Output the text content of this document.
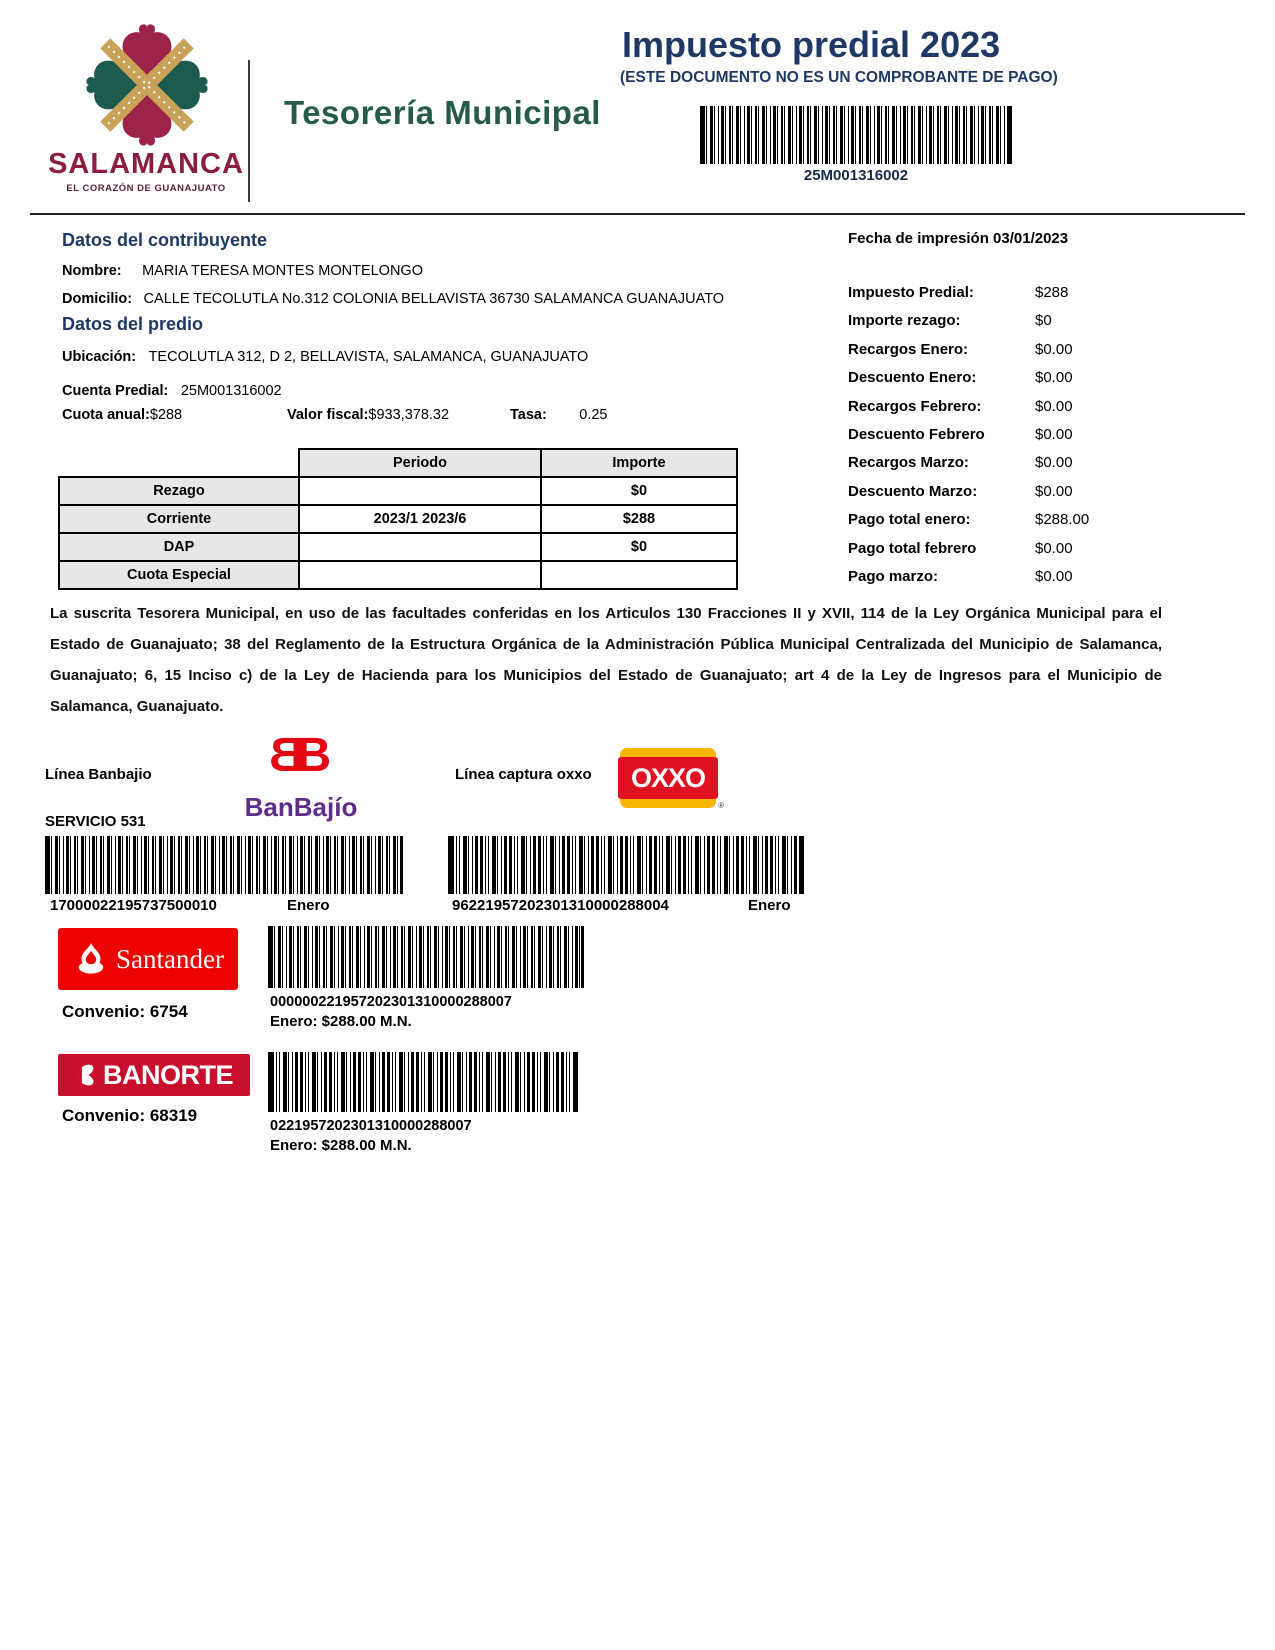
SALAMANCA
EL CORAZÓN DE GUANAJUATO
Tesorería Municipal
Impuesto predial 2023
(ESTE DOCUMENTO NO ES UN COMPROBANTE DE PAGO)
25M001316002
Datos del contribuyente
Nombre: MARIA TERESA MONTES MONTELONGO
Domicilio: CALLE TECOLUTLA No.312 COLONIA BELLAVISTA 36730 SALAMANCA GUANAJUATO
Datos del predio
Ubicación: TECOLUTLA 312, D 2, BELLAVISTA, SALAMANCA, GUANAJUATO
Cuenta Predial: 25M001316002
Cuota anual:$288	Valor fiscal:$933,378.32	Tasa: 0.25
	Periodo	Importe
Rezago		$0
Corriente	2023/1 2023/6	$288
DAP		$0
Cuota Especial		
Fecha de impresión 03/01/2023
Impuesto Predial:	$288
Importe rezago:	$0
Recargos Enero:	$0.00
Descuento Enero:	$0.00
Recargos Febrero:	$0.00
Descuento Febrero	$0.00
Recargos Marzo:	$0.00
Descuento Marzo:	$0.00
Pago total enero:	$288.00
Pago total febrero	$0.00
Pago marzo:	$0.00
La suscrita Tesorera Municipal, en uso de las facultades conferidas en los Articulos 130 Fracciones II y XVII, 114 de la Ley Orgánica Municipal para el Estado de Guanajuato; 38 del Reglamento de la Estructura Orgánica de la Administración Pública Municipal Centralizada del Municipio de Salamanca, Guanajuato; 6, 15 Inciso c) de la Ley de Hacienda para los Municipios del Estado de Guanajuato; art 4 de la Ley de Ingresos para el Municipio de Salamanca, Guanajuato.
Línea Banbajio BB
BanBajío
Línea captura oxxo	OXXO
®
SERVICIO 531
17000022195737500010	Enero	96221957202301310000288004	Enero
Santander
Convenio: 6754	000000221957202301310000288007
Enero: $288.00 M.N.
BANORTE
Convenio: 68319
0221957202301310000288007
Enero: $288.00 M.N.
